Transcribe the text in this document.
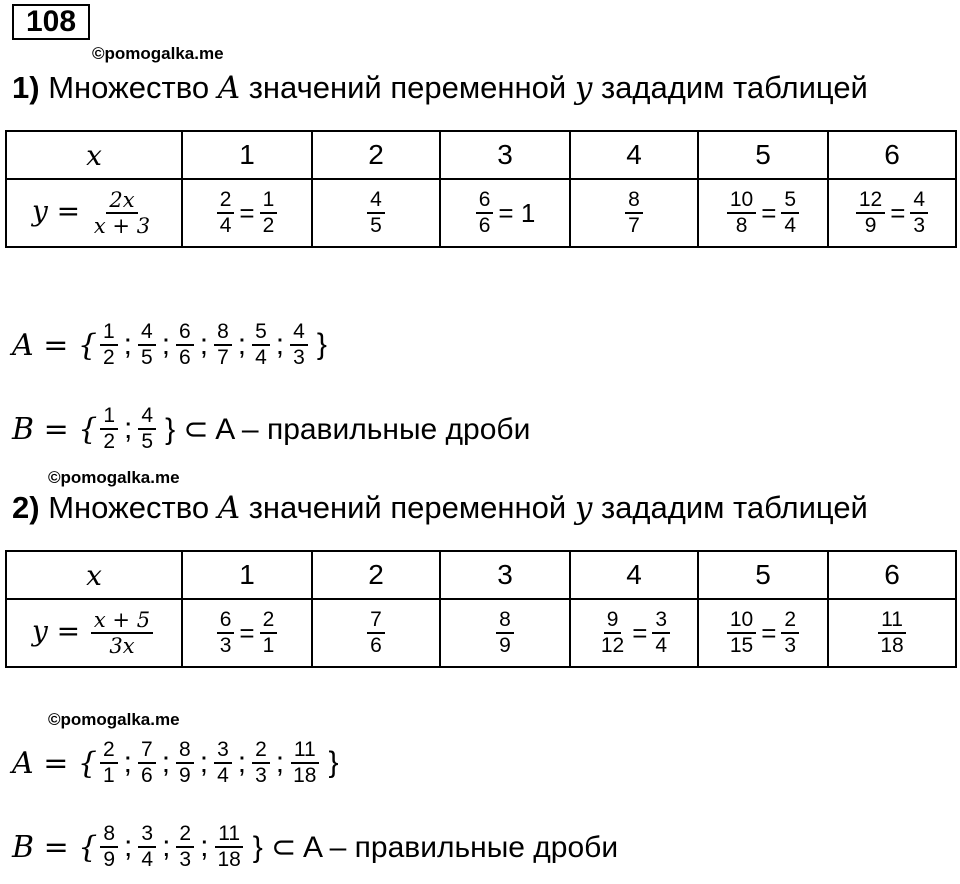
108
©pomogalka.me
1) Множество A значений переменной y зададим таблицей
x	1	2	3	4	5	6
$y = \frac{2x}{x + 3}$	$\frac{2}{4} = \frac{1}{2}$	$\frac{4}{5}$	$\frac{6}{6} = 1$	$\frac{8}{7}$	$\frac{10}{8} = \frac{5}{4}$	$\frac{12}{9} = \frac{4}{3}$
A = { $\frac{1}{2}$ ; $\frac{4}{5}$ ; $\frac{6}{6}$ ; $\frac{8}{7}$ ; $\frac{5}{4}$ ; $\frac{4}{3}$ }
B = { $\frac{1}{2}$ ; $\frac{4}{5}$ } ⊂ A – правильные дроби
©pomogalka.me
2) Множество A значений переменной y зададим таблицей
x	1	2	3	4	5	6
$y = \frac{x + 5}{3x}$	$\frac{6}{3} = \frac{2}{1}$	$\frac{7}{6}$	$\frac{8}{9}$	$\frac{9}{12} = \frac{3}{4}$	$\frac{10}{15} = \frac{2}{3}$	$\frac{11}{18}$
©pomogalka.me
A = { $\frac{2}{1}$ ; $\frac{7}{6}$ ; $\frac{8}{9}$ ; $\frac{3}{4}$ ; $\frac{2}{3}$ ; $\frac{11}{18}$ }
B = { $\frac{8}{9}$ ; $\frac{3}{4}$ ; $\frac{2}{3}$ ; $\frac{11}{18}$ } ⊂ A – правильные дроби
